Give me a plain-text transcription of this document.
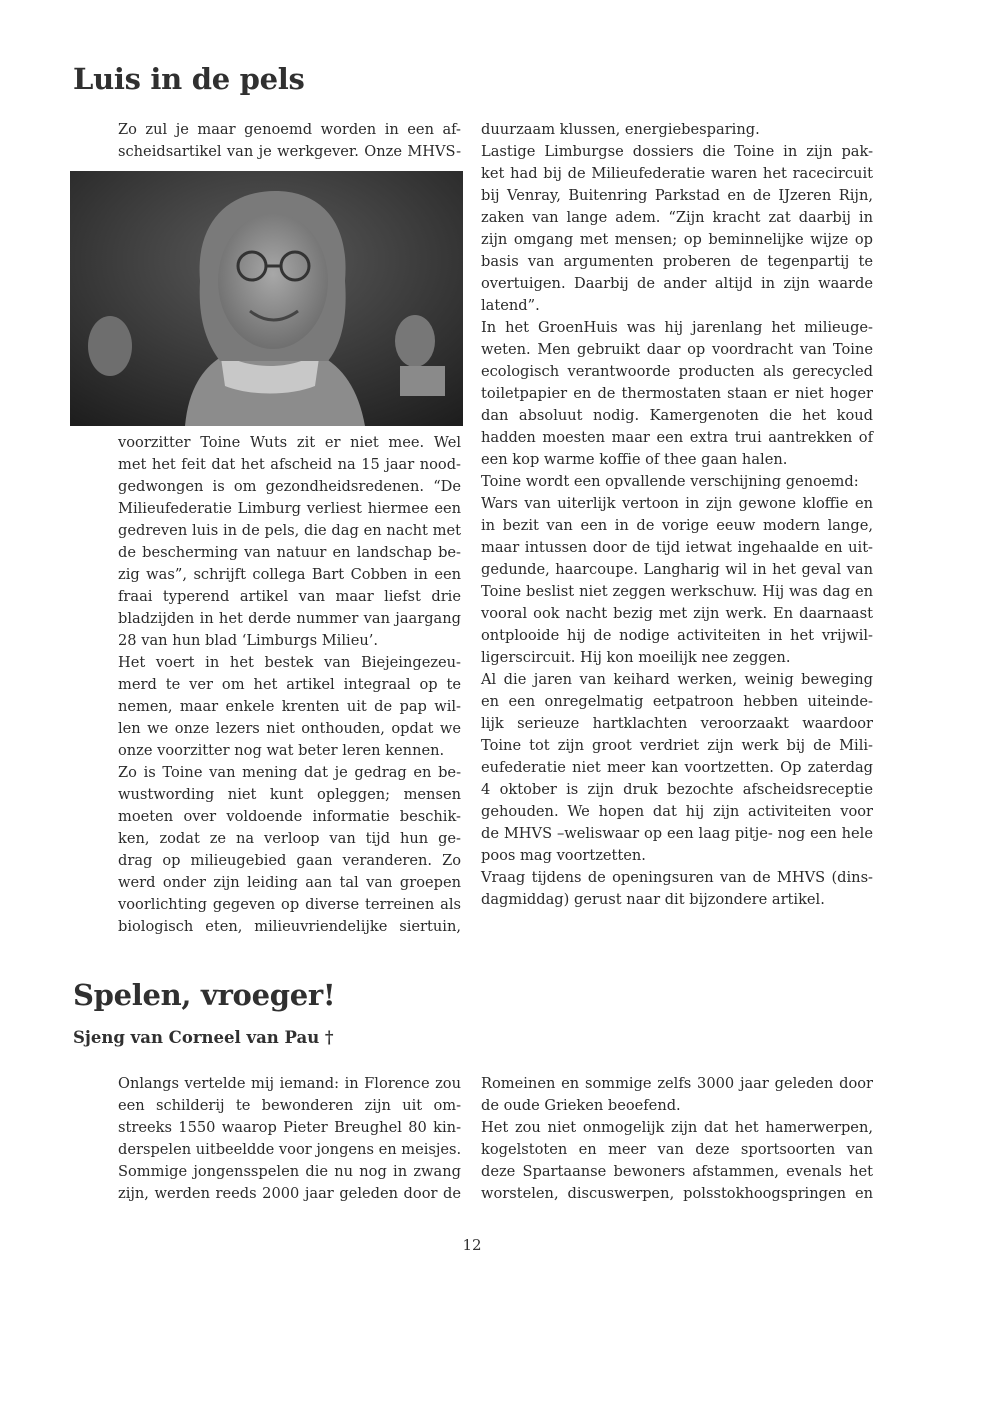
Luis in de pels
Zo zul je maar genoemd worden in een af-
scheidsartikel van je werkgever. Onze MHVS-
voorzitter Toine Wuts zit er niet mee. Wel
met het feit dat het afscheid na 15 jaar nood-
gedwongen is om gezondheidsredenen. “De
Milieufederatie Limburg verliest hiermee een
gedreven luis in de pels, die dag en nacht met
de bescherming van natuur en landschap be-
zig was”, schrijft collega Bart Cobben in een
fraai typerend artikel van maar liefst drie
bladzijden in het derde nummer van jaargang
28 van hun blad ‘Limburgs Milieu’.
Het voert in het bestek van Biejeingezeu-
merd te ver om het artikel integraal op te
nemen, maar enkele krenten uit de pap wil-
len we onze lezers niet onthouden, opdat we
onze voorzitter nog wat beter leren kennen.
Zo is Toine van mening dat je gedrag en be-
wustwording niet kunt opleggen; mensen
moeten over voldoende informatie beschik-
ken, zodat ze na verloop van tijd hun ge-
drag op milieugebied gaan veranderen. Zo
werd onder zijn leiding aan tal van groepen
voorlichting gegeven op diverse terreinen als
biologisch eten, milieuvriendelijke siertuin,
duurzaam klussen, energiebesparing.
Lastige Limburgse dossiers die Toine in zijn pak-
ket had bij de Milieufederatie waren het racecircuit
bij Venray, Buitenring Parkstad en de IJzeren Rijn,
zaken van lange adem. “Zijn kracht zat daarbij in
zijn omgang met mensen; op beminnelijke wijze op
basis van argumenten proberen de tegenpartij te
overtuigen. Daarbij de ander altijd in zijn waarde
latend”.
In het GroenHuis was hij jarenlang het milieuge-
weten. Men gebruikt daar op voordracht van Toine
ecologisch verantwoorde producten als gerecycled
toiletpapier en de thermostaten staan er niet hoger
dan absoluut nodig. Kamergenoten die het koud
hadden moesten maar een extra trui aantrekken of
een kop warme koffie of thee gaan halen.
Toine wordt een opvallende verschijning genoemd:
Wars van uiterlijk vertoon in zijn gewone kloffie en
in bezit van een in de vorige eeuw modern lange,
maar intussen door de tijd ietwat ingehaalde en uit-
gedunde, haarcoupe. Langharig wil in het geval van
Toine beslist niet zeggen werkschuw. Hij was dag en
vooral ook nacht bezig met zijn werk. En daarnaast
ontplooide hij de nodige activiteiten in het vrijwil-
ligerscircuit. Hij kon moeilijk nee zeggen.
Al die jaren van keihard werken, weinig beweging
en een onregelmatig eetpatroon hebben uiteinde-
lijk serieuze hartklachten veroorzaakt waardoor
Toine tot zijn groot verdriet zijn werk bij de Mili-
eufederatie niet meer kan voortzetten. Op zaterdag
4 oktober is zijn druk bezochte afscheidsreceptie
gehouden. We hopen dat hij zijn activiteiten voor
de MHVS –weliswaar op een laag pitje- nog een hele
poos mag voortzetten.
Vraag tijdens de openingsuren van de MHVS (dins-
dagmiddag) gerust naar dit bijzondere artikel.
Spelen, vroeger!
Sjeng van Corneel van Pau †
Onlangs vertelde mij iemand: in Florence zou
een schilderij te bewonderen zijn uit om-
streeks 1550 waarop Pieter Breughel 80 kin-
derspelen uitbeeldde voor jongens en meisjes.
Sommige jongensspelen die nu nog in zwang
zijn, werden reeds 2000 jaar geleden door de
Romeinen en sommige zelfs 3000 jaar geleden door
de oude Grieken beoefend.
Het zou niet onmogelijk zijn dat het hamerwerpen,
kogelstoten en meer van deze sportsoorten van
deze Spartaanse bewoners afstammen, evenals het
worstelen, discuswerpen, polsstokhoogspringen en
12
